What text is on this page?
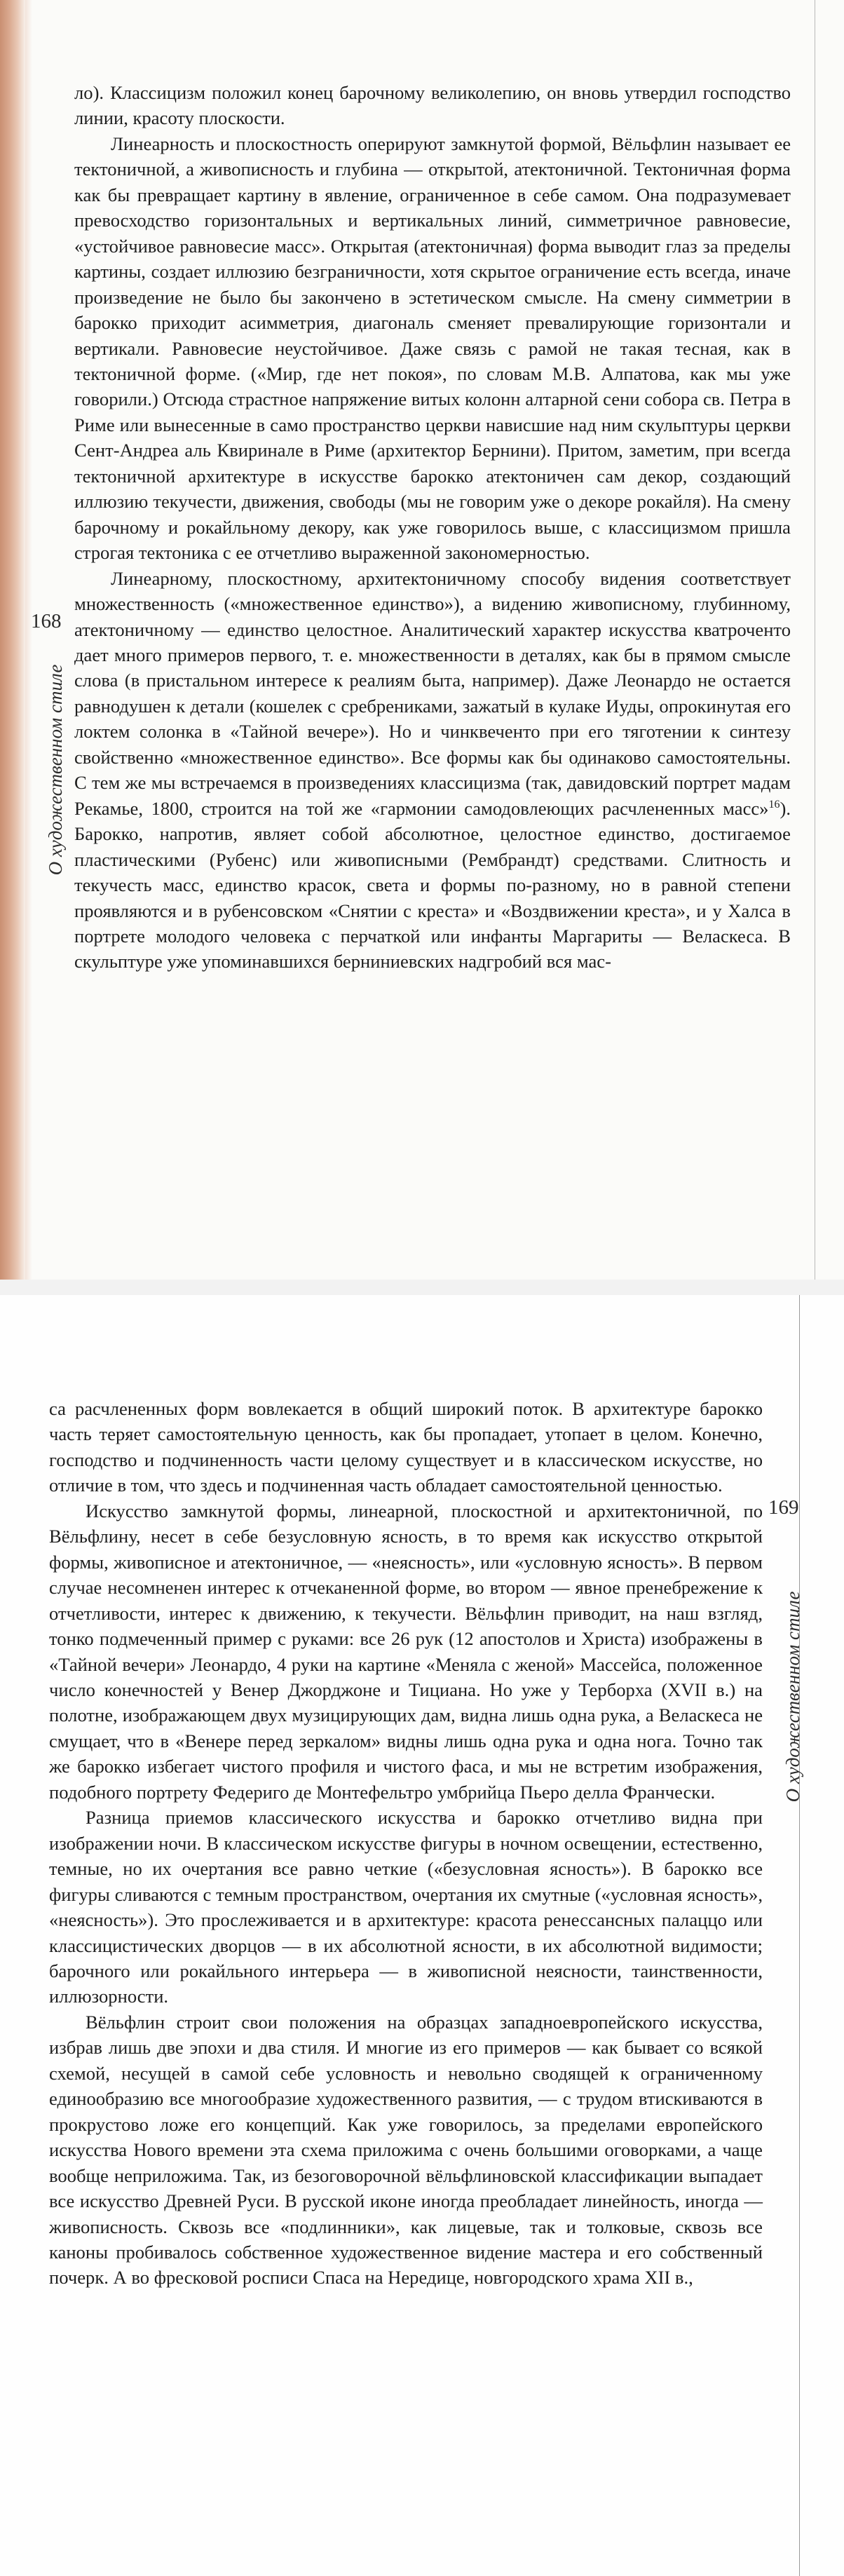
168
О художественном стиле

ло). Классицизм положил конец барочному великолепию, он вновь утвердил господство линии, красоту плоскости.

Линеарность и плоскостность оперируют замкнутой формой, Вёльфлин называет ее тектоничной, а живописность и глубина — открытой, атектоничной. Тектоничная форма как бы превращает картину в явление, ограниченное в себе самом. Она подразумевает превосходство горизонтальных и вертикальных линий, симметричное равновесие, «устойчивое равновесие масс». Открытая (атектоничная) форма выводит глаз за пределы картины, создает иллюзию безграничности, хотя скрытое ограничение есть всегда, иначе произведение не было бы закончено в эстетическом смысле. На смену симметрии в барокко приходит асимметрия, диагональ сменяет превалирующие горизонтали и вертикали. Равновесие неустойчивое. Даже связь с рамой не такая тесная, как в тектоничной форме. («Мир, где нет покоя», по словам М.В. Алпатова, как мы уже говорили.) Отсюда страстное напряжение витых колонн алтарной сени собора св. Петра в Риме или вынесенные в само пространство церкви нависшие над ним скульптуры церкви Сент-Андреа аль Квиринале в Риме (архитектор Бернини). Притом, заметим, при всегда тектоничной архитектуре в искусстве барокко атектоничен сам декор, создающий иллюзию текучести, движения, свободы (мы не говорим уже о декоре рокайля). На смену барочному и рокайльному декору, как уже говорилось выше, с классицизмом пришла строгая тектоника с ее отчетливо выраженной закономерностью.

Линеарному, плоскостному, архитектоничному способу видения соответствует множественность («множественное единство»), а видению живописному, глубинному, атектоничному — единство целостное. Аналитический характер искусства кватроченто дает много примеров первого, т. е. множественности в деталях, как бы в прямом смысле слова (в пристальном интересе к реалиям быта, например). Даже Леонардо не остается равнодушен к детали (кошелек с сребрениками, зажатый в кулаке Иуды, опрокинутая его локтем солонка в «Тайной вечере»). Но и чинквеченто при его тяготении к синтезу свойственно «множественное единство». Все формы как бы одинаково самостоятельны. С тем же мы встречаемся в произведениях классицизма (так, давидовский портрет мадам Рекамье, 1800, строится на той же «гармонии самодовлеющих расчлененных масс»$^{16}$). Барокко, напротив, являет собой абсолютное, целостное единство, достигаемое пластическими (Рубенс) или живописными (Рембрандт) средствами. Слитность и текучесть масс, единство красок, света и формы по-разному, но в равной степени проявляются и в рубенсовском «Снятии с креста» и «Воздвижении креста», и у Халса в портрете молодого человека с перчаткой или инфанты Маргариты — Веласкеса. В скульптуре уже упоминавшихся берниниевских надгробий вся мас-

169
О художественном стиле

са расчлененных форм вовлекается в общий широкий поток. В архитектуре барокко часть теряет самостоятельную ценность, как бы пропадает, утопает в целом. Конечно, господство и подчиненность части целому существует и в классическом искусстве, но отличие в том, что здесь и подчиненная часть обладает самостоятельной ценностью.

Искусство замкнутой формы, линеарной, плоскостной и архитектоничной, по Вёльфлину, несет в себе безусловную ясность, в то время как искусство открытой формы, живописное и атектоничное, — «неясность», или «условную ясность». В первом случае несомненен интерес к отчеканенной форме, во втором — явное пренебрежение к отчетливости, интерес к движению, к текучести. Вёльфлин приводит, на наш взгляд, тонко подмеченный пример с руками: все 26 рук (12 апостолов и Христа) изображены в «Тайной вечери» Леонардо, 4 руки на картине «Меняла с женой» Массейса, положенное число конечностей у Венер Джорджоне и Тициана. Но уже у Терборха (XVII в.) на полотне, изображающем двух музицирующих дам, видна лишь одна рука, а Веласкеса не смущает, что в «Венере перед зеркалом» видны лишь одна рука и одна нога. Точно так же барокко избегает чистого профиля и чистого фаса, и мы не встретим изображения, подобного портрету Федериго де Монтефельтро умбрийца Пьеро делла Франчески.

Разница приемов классического искусства и барокко отчетливо видна при изображении ночи. В классическом искусстве фигуры в ночном освещении, естественно, темные, но их очертания все равно четкие («безусловная ясность»). В барокко все фигуры сливаются с темным пространством, очертания их смутные («условная ясность», «неясность»). Это прослеживается и в архитектуре: красота ренессансных палаццо или классицистических дворцов — в их абсолютной ясности, в их абсолютной видимости; барочного или рокайльного интерьера — в живописной неясности, таинственности, иллюзорности.

Вёльфлин строит свои положения на образцах западноевропейского искусства, избрав лишь две эпохи и два стиля. И многие из его примеров — как бывает со всякой схемой, несущей в самой себе условность и невольно сводящей к ограниченному единообразию все многообразие художественного развития, — с трудом втискиваются в прокрустово ложе его концепций. Как уже говорилось, за пределами европейского искусства Нового времени эта схема приложима с очень большими оговорками, а чаще вообще неприложима. Так, из безоговорочной вёльфлиновской классификации выпадает все искусство Древней Руси. В русской иконе иногда преобладает линейность, иногда — живописность. Сквозь все «подлинники», как лицевые, так и толковые, сквозь все каноны пробивалось собственное художественное видение мастера и его собственный почерк. А во фресковой росписи Спаса на Нередице, новгородского храма XII в.,
